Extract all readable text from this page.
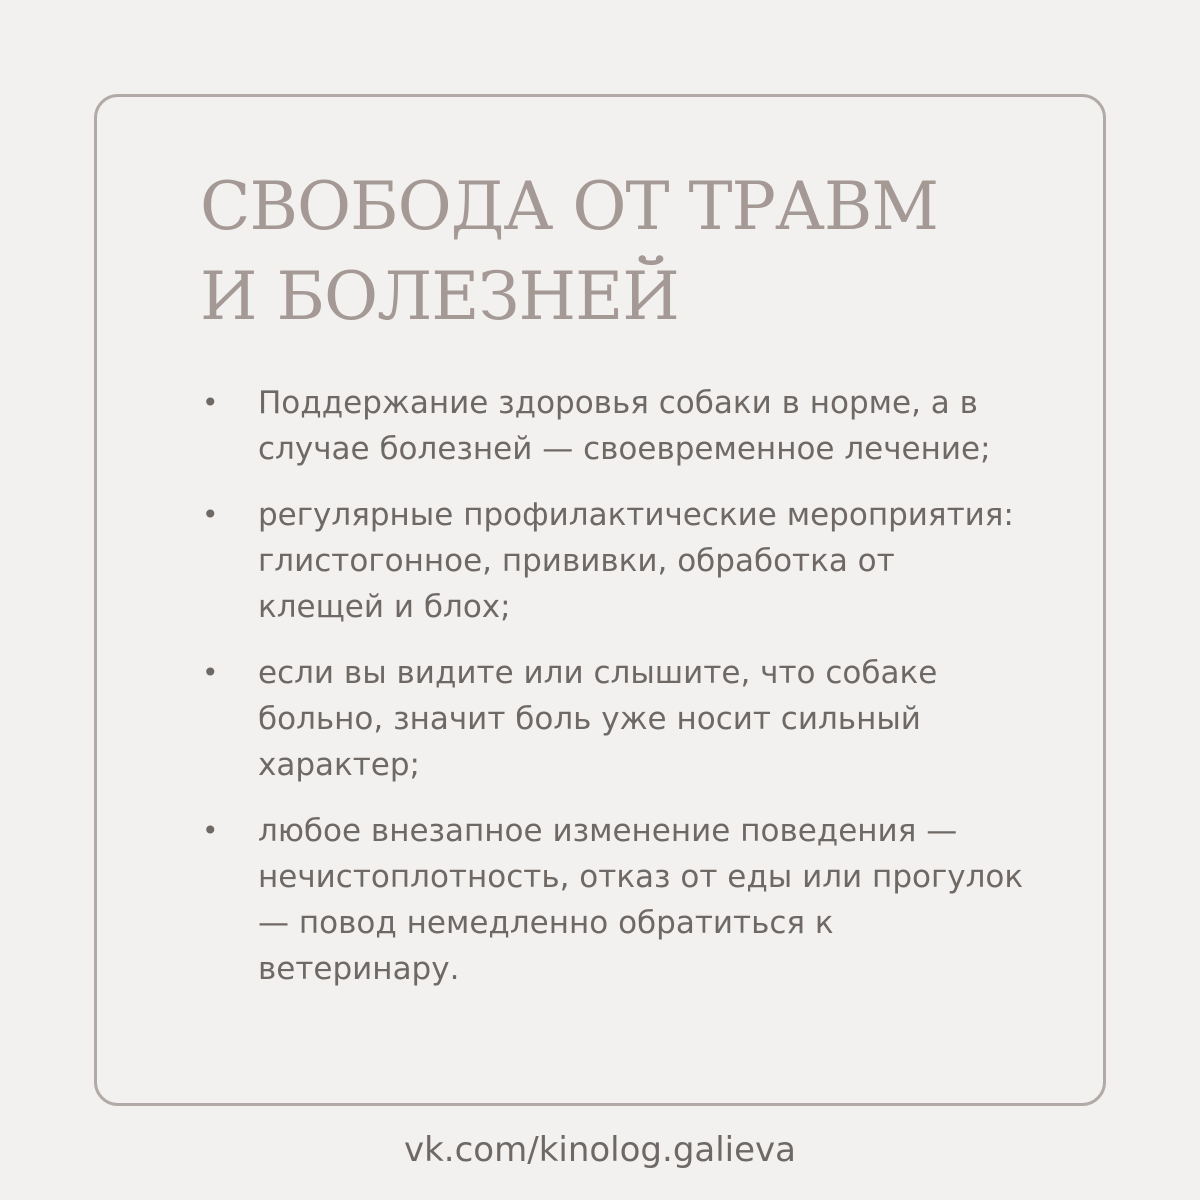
СВОБОДА ОТ ТРАВМ
И БОЛЕЗНЕЙ
• Поддержание здоровья собаки в норме, а в случае болезней — своевременное лечение;
• регулярные профилактические мероприятия: глистогонное, прививки, обработка от клещей и блох;
• если вы видите или слышите, что собаке больно, значит боль уже носит сильный характер;
• любое внезапное изменение поведения — нечистоплотность, отказ от еды или прогулок — повод немедленно обратиться к ветеринару.
vk.com/kinolog.galieva
